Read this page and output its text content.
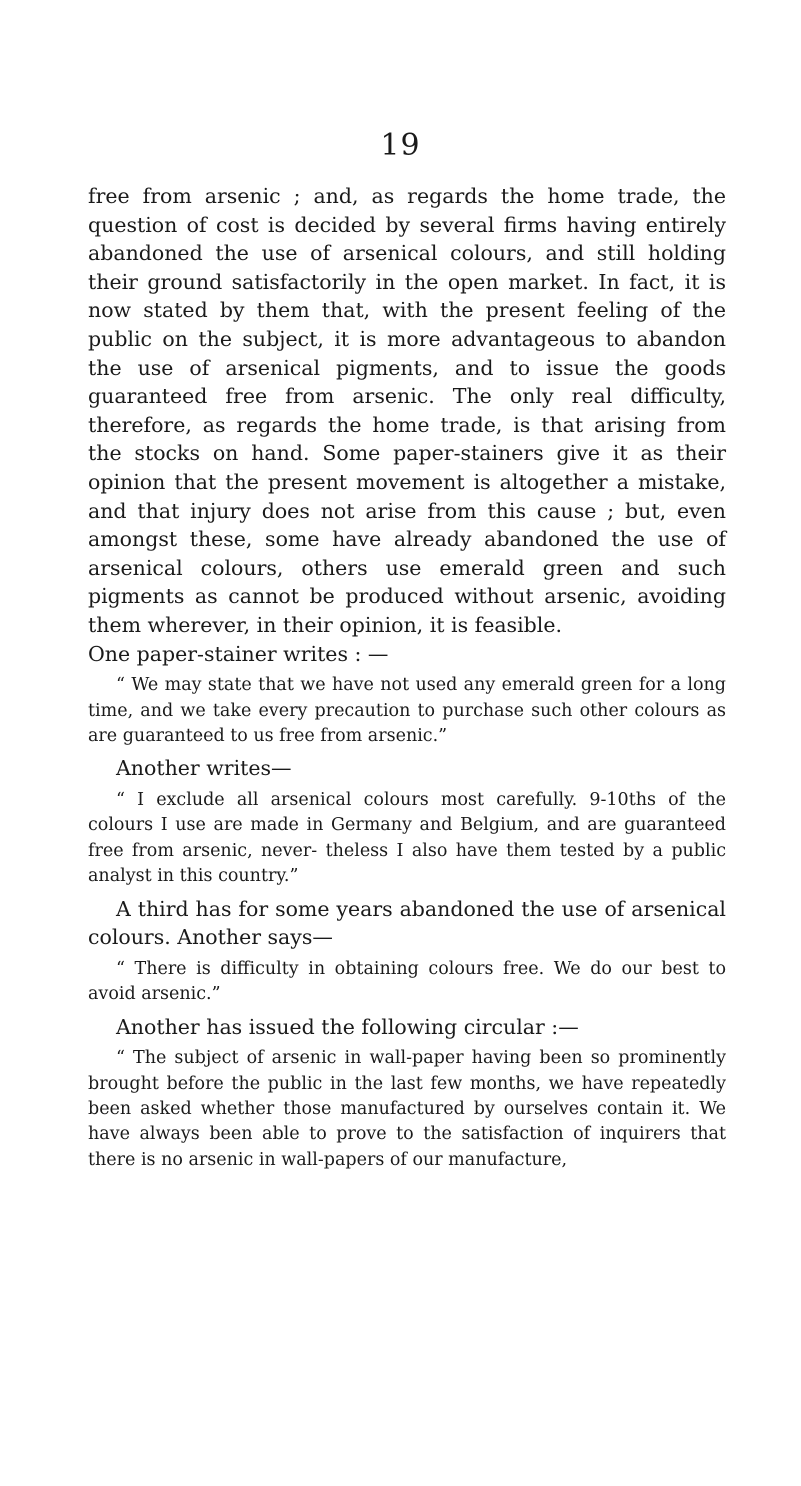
19

free from arsenic ; and, as regards the home trade, the question of cost is decided by several firms having entirely abandoned the use of arsenical colours, and still holding their ground satisfactorily in the open market. In fact, it is now stated by them that, with the present feeling of the public on the subject, it is more advantageous to abandon the use of arsenical pigments, and to issue the goods guaranteed free from arsenic. The only real difficulty, therefore, as regards the home trade, is that arising from the stocks on hand. Some paper-stainers give it as their opinion that the present movement is altogether a mistake, and that injury does not arise from this cause ; but, even amongst these, some have already abandoned the use of arsenical colours, others use emerald green and such pigments as cannot be produced without arsenic, avoiding them wherever, in their opinion, it is feasible.

One paper-stainer writes : —

“ We may state that we have not used any emerald green for a long time, and we take every precaution to purchase such other colours as are guaranteed to us free from arsenic.”

Another writes—

“ I exclude all arsenical colours most carefully. 9-10ths of the colours I use are made in Germany and Belgium, and are guaranteed free from arsenic, never- theless I also have them tested by a public analyst in this country.”

A third has for some years abandoned the use of arsenical colours. Another says—

“ There is difficulty in obtaining colours free. We do our best to avoid arsenic.”

Another has issued the following circular :—

“ The subject of arsenic in wall-paper having been so prominently brought before the public in the last few months, we have repeatedly been asked whether those manufactured by ourselves contain it. We have always been able to prove to the satisfaction of inquirers that there is no arsenic in wall-papers of our manufacture,
